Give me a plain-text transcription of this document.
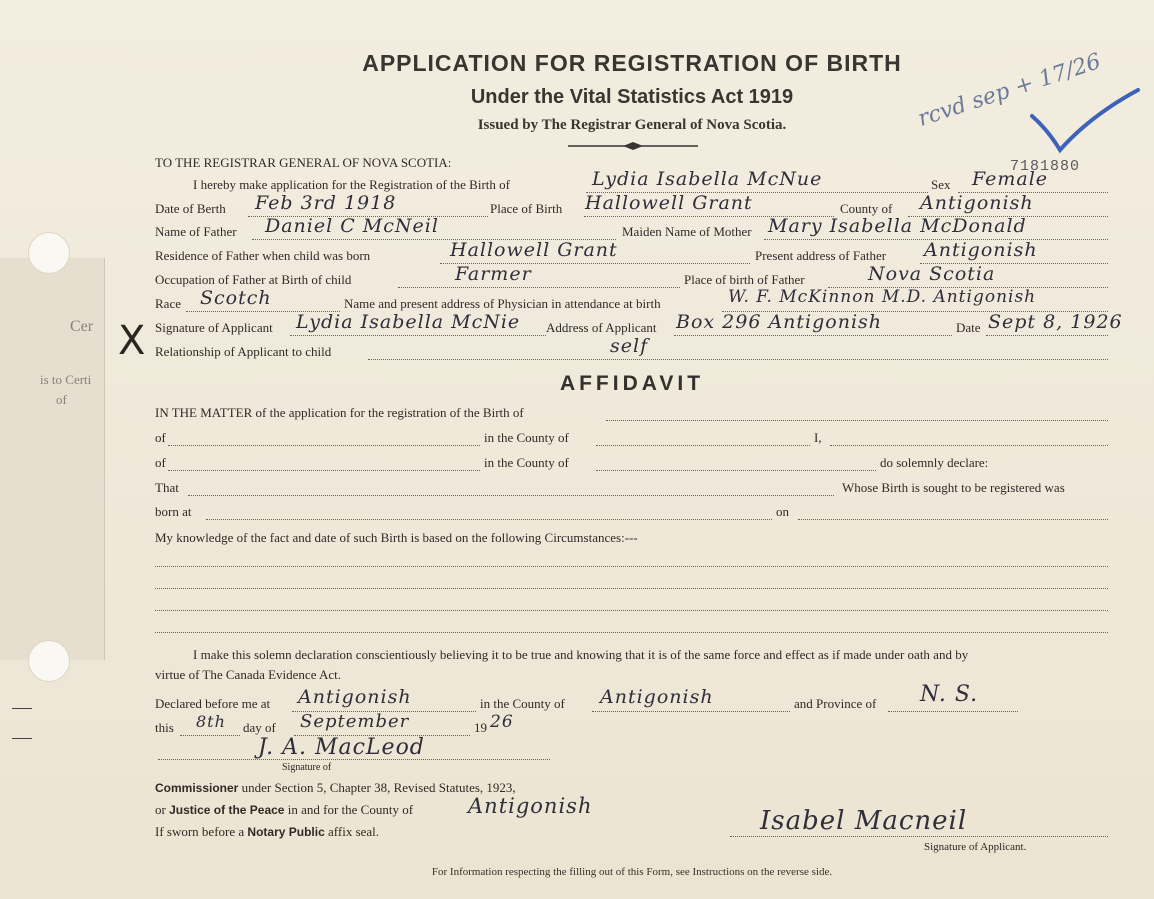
Cer
is to Certi
of
X
APPLICATION FOR REGISTRATION OF BIRTH
Under the Vital Statistics Act 1919
Issued by The Registrar General of Nova Scotia.	rcvd sep + 17/26
7181880
TO THE REGISTRAR GENERAL OF NOVA SCOTIA:
I hereby make application for the Registration of the Birth of	Lydia Isabella McNue	Sex Female
Date of Berth Feb 3rd 1918	Place of Birth Hallowell Grant	County of Antigonish
Name of Father Daniel C McNeil	Maiden Name of Mother Mary Isabella McDonald
Residence of Father when child was born	Hallowell Grant	Present address of Father Antigonish
Occupation of Father at Birth of child	Farmer	Place of birth of Father	Nova Scotia
Race Scotch	Name and present address of Physician in attendance at birth	W. F. McKinnon M.D. Antigonish
Signature of Applicant Lydia Isabella McNie Address of Applicant Box 296 Antigonish	Date Sept 8, 1926
Relationship of Applicant to child	self
AFFIDAVIT
IN THE MATTER of the application for the registration of the Birth of
of	in the County of	I,
of	in the County of	do solemnly declare:
That	Whose Birth is sought to be registered was
born at	on
My knowledge of the fact and date of such Birth is based on the following Circumstances:---
I make this solemn declaration conscientiously believing it to be true and knowing that it is of the same force and effect as if made under oath and by
virtue of The Canada Evidence Act.
Declared before me at Antigonish	in the County of Antigonish	and Province of N. S.
this 8th day of September	19 26
J. A. MacLeod
Signature of
Commissioner under Section 5, Chapter 38, Revised Statutes, 1923,
or Justice of the Peace in and for the County of	Antigonish
If sworn before a Notary Public affix seal.	Isabel Macneil
Signature of Applicant.
For Information respecting the filling out of this Form, see Instructions on the reverse side.
